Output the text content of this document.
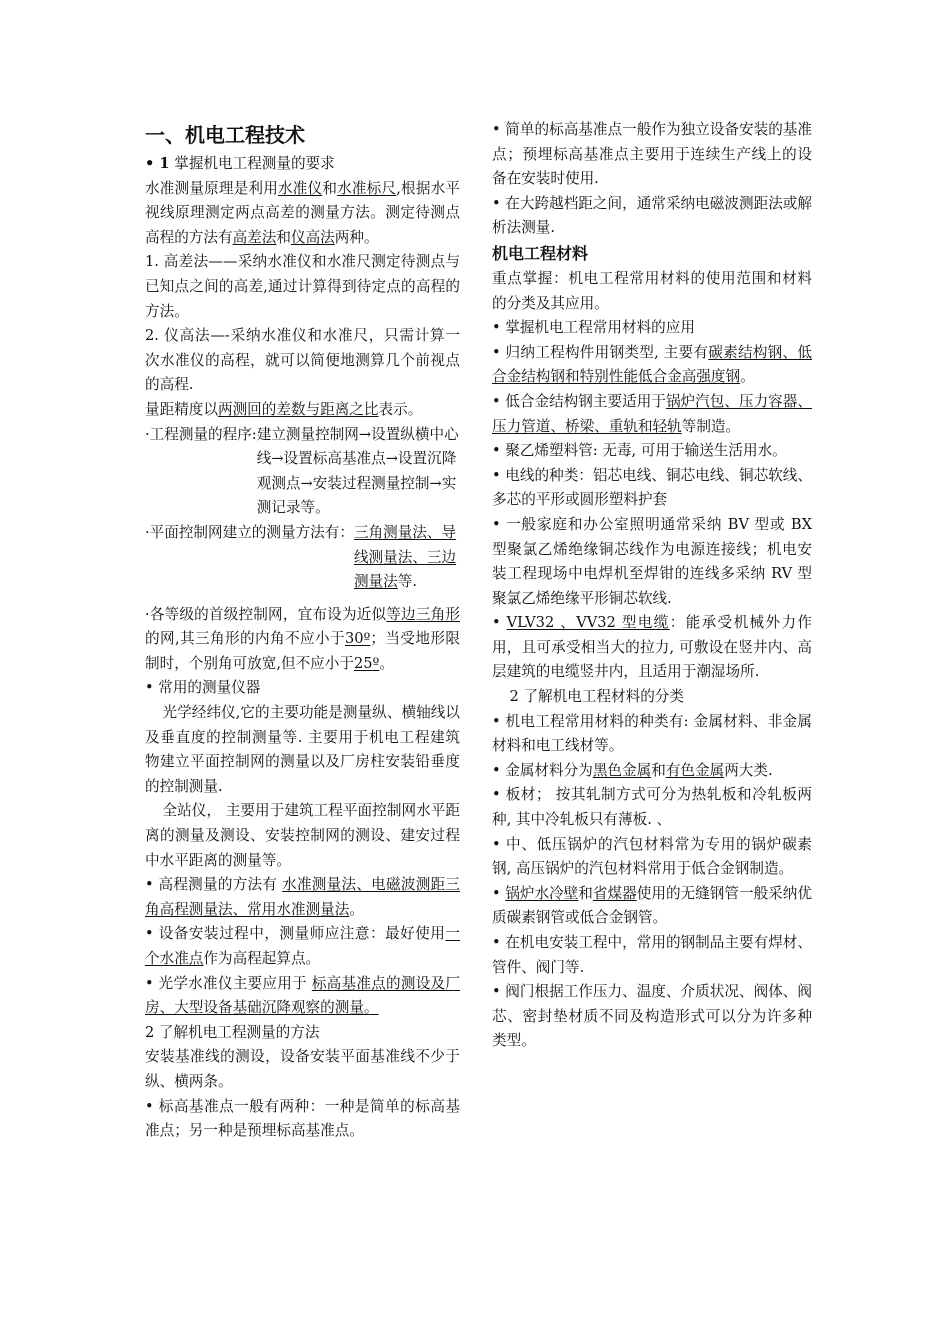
一、机电工程技术

• 1 掌握机电工程测量的要求

水准测量原理是利用水准仪和水准标尺,根据水平视线原理测定两点高差的测量方法。测定待测点高程的方法有高差法和仪高法两种。

1. 高差法——采纳水准仪和水准尺测定待测点与已知点之间的高差,通过计算得到待定点的高程的方法。

2. 仪高法—-采纳水准仪和水准尺，只需计算一次水准仪的高程，就可以简便地测算几个前视点的高程.

量距精度以两测回的差数与距离之比表示。

·工程测量的程序: 建立测量控制网→设置纵横中心线→设置标高基准点→设置沉降观测点→安装过程测量控制→实测记录等。
·平面控制网建立的测量方法有： 三角测量法、导线测量法、三边测量法等.

·各等级的首级控制网，宜布设为近似等边三角形的网,其三角形的内角不应小于30º；当受地形限制时，个别角可放宽,但不应小于25º。

• 常用的测量仪器

光学经纬仪,它的主要功能是测量纵、横轴线以及垂直度的控制测量等. 主要用于机电工程建筑物建立平面控制网的测量以及厂房柱安装铅垂度的控制测量.

全站仪， 主要用于建筑工程平面控制网水平距离的测量及测设、安装控制网的测设、建安过程中水平距离的测量等。

• 高程测量的方法有 水准测量法、电磁波测距三角高程测量法、常用水准测量法。

• 设备安装过程中，测量师应注意：最好使用一个水准点作为高程起算点。

• 光学水准仪主要应用于 标高基准点的测设及厂房、大型设备基础沉降观察的测量。

2 了解机电工程测量的方法

安装基准线的测设，设备安装平面基准线不少于纵、横两条。

• 标高基准点一般有两种：一种是简单的标高基准点；另一种是预埋标高基准点。

• 简单的标高基准点一般作为独立设备安装的基准点；预埋标高基准点主要用于连续生产线上的设备在安装时使用.

• 在大跨越档距之间，通常采纳电磁波测距法或解析法测量.

机电工程材料

重点掌握：机电工程常用材料的使用范围和材料的分类及其应用。

• 掌握机电工程常用材料的应用

• 归纳工程构件用钢类型, 主要有碳素结构钢、低合金结构钢和特别性能低合金高强度钢。

• 低合金结构钢主要适用于锅炉汽包、压力容器、压力管道、桥梁、重轨和轻轨等制造。

• 聚乙烯塑料管: 无毒, 可用于输送生活用水。

• 电线的种类：铝芯电线、铜芯电线、铜芯软线、多芯的平形或圆形塑料护套

• 一般家庭和办公室照明通常采纳 BV 型或 BX 型聚氯乙烯绝缘铜芯线作为电源连接线；机电安装工程现场中电焊机至焊钳的连线多采纳 RV 型聚氯乙烯绝缘平形铜芯软线.

• VLV32 、VV32 型电缆：能承受机械外力作用，且可承受相当大的拉力, 可敷设在竖井内、高层建筑的电缆竖井内，且适用于潮湿场所.

2 了解机电工程材料的分类

• 机电工程常用材料的种类有: 金属材料、非金属材料和电工线材等。

• 金属材料分为黑色金属和有色金属两大类.

• 板材； 按其轧制方式可分为热轧板和冷轧板两种, 其中冷轧板只有薄板. 、

• 中、低压锅炉的汽包材料常为专用的锅炉碳素钢, 高压锅炉的汽包材料常用于低合金钢制造。

• 锅炉水冷壁和省煤器使用的无缝钢管一般采纳优质碳素钢管或低合金钢管。

• 在机电安装工程中，常用的钢制品主要有焊材、管件、阀门等.

• 阀门根据工作压力、温度、介质状况、阀体、阀芯、密封垫材质不同及构造形式可以分为许多种类型。
